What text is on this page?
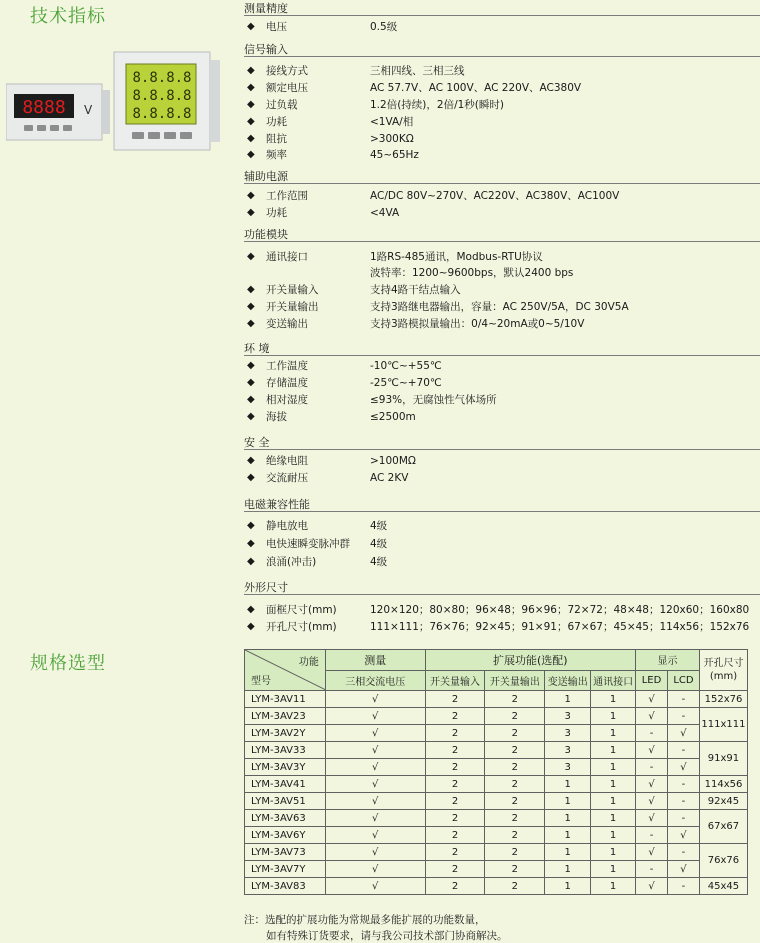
技术指标
规格选型
8888 V
8.8.8.8
8.8.8.8
8.8.8.8
测量精度
◆ 电压	0.5级
信号输入
◆ 接线方式	三相四线、三相三线
◆ 额定电压	AC 57.7V、AC 100V、AC 220V、AC380V
◆ 过负载	1.2倍(持续)，2倍/1秒(瞬时)
◆ 功耗	<1VA/相
◆ 阻抗	>300KΩ
◆ 频率	45~65Hz
辅助电源
◆ 工作范围	AC/DC 80V~270V、AC220V、AC380V、AC100V
◆ 功耗	<4VA
功能模块
◆ 通讯接口	1路RS-485通讯，Modbus-RTU协议
波特率：1200~9600bps，默认2400 bps
◆ 开关量输入	支持4路干结点输入
◆ 开关量输出	支持3路继电器输出，容量：AC 250V/5A，DC 30V5A
◆ 变送输出	支持3路模拟量输出：0/4~20mA或0~5/10V
环 境
◆ 工作温度	-10℃~+55℃
◆ 存储温度	-25℃~+70℃
◆ 相对湿度	≤93%，无腐蚀性气体场所
◆ 海拔	≤2500m
安 全
◆ 绝缘电阻	>100MΩ
◆ 交流耐压	AC 2KV
电磁兼容性能
◆ 静电放电	4级
◆ 电快速瞬变脉冲群 4级
◆ 浪涌(冲击)	4级
外形尺寸
◆ 面框尺寸(mm)	120×120；80×80；96×48；96×96；72×72；48×48；120x60；160x80
◆ 开孔尺寸(mm)	111×111；76×76；92×45；91×91；67×67；45×45；114x56；152x76
功能
型号	测量	扩展功能(选配)				显示		开孔尺寸
(mm)
	三相交流电压	开关量输入	开关量输出	变送输出	通讯接口	LED	LCD	
LYM-3AV11	√	2	2	1	1	√	-	152x76
LYM-3AV23	√	2	2	3	1	√	-	111x111
LYM-3AV2Y	√	2	2	3	1	-	√	
LYM-3AV33	√	2	2	3	1	√	-	91x91
LYM-3AV3Y	√	2	2	3	1	-	√	
LYM-3AV41	√	2	2	1	1	√	-	114x56
LYM-3AV51	√	2	2	1	1	√	-	92x45
LYM-3AV63	√	2	2	1	1	√	-	67x67
LYM-3AV6Y	√	2	2	1	1	-	√	
LYM-3AV73	√	2	2	1	1	√	-	76x76
LYM-3AV7Y	√	2	2	1	1	-	√	
LYM-3AV83	√	2	2	1	1	√	-	45x45
注：选配的扩展功能为常规最多能扩展的功能数量，
如有特殊订货要求，请与我公司技术部门协商解决。
